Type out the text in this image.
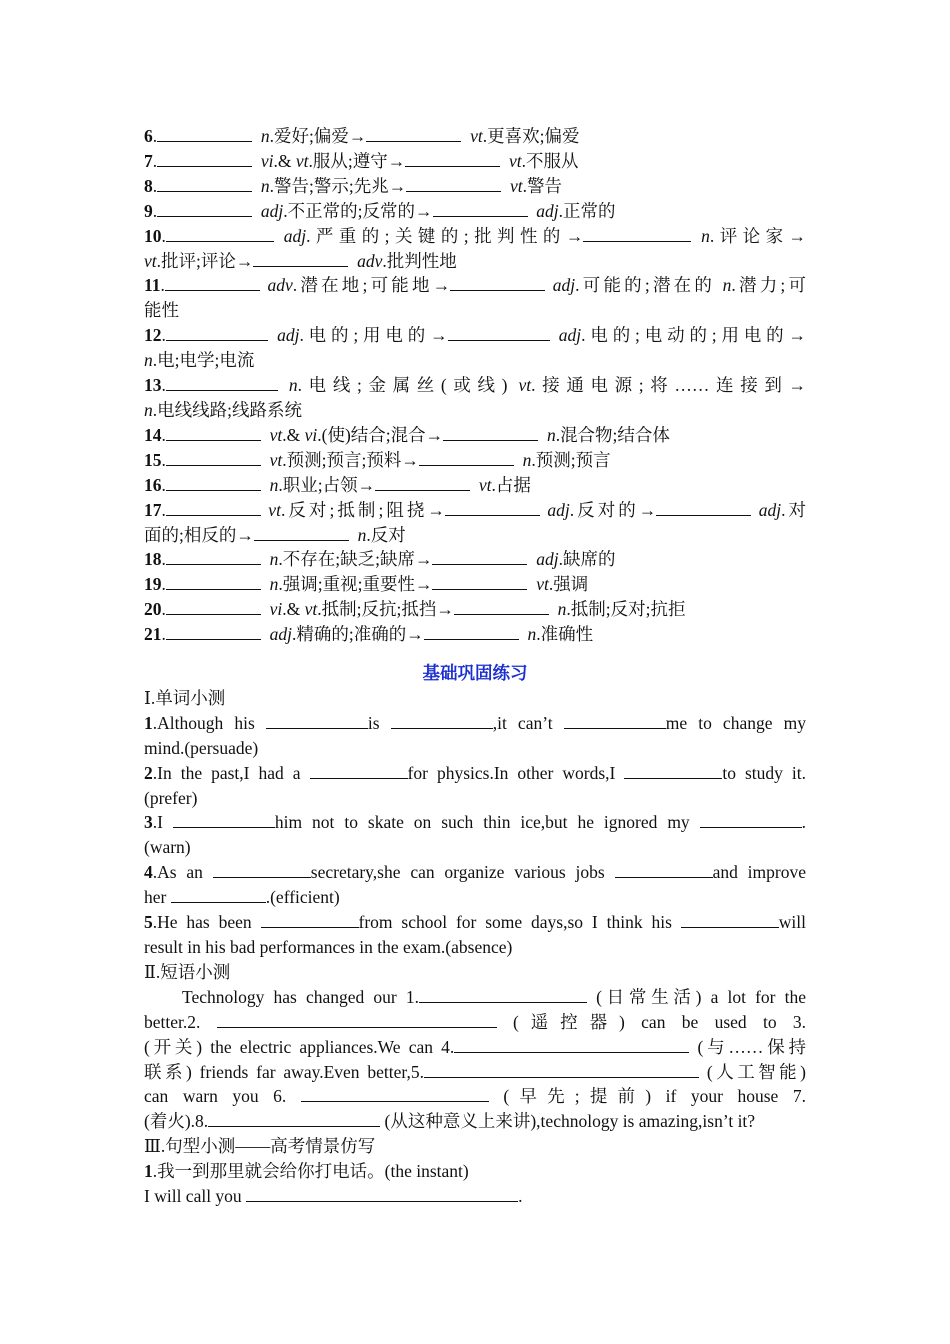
6.	n.爱好;偏爱→	vt.更喜欢;偏爱
7.	vi.& vt.服从;遵守→	vt.不服从
8.	n.警告;警示;先兆→	vt.警告
9.	adj.不正常的;反常的→	adj.正常的
10.	adj.严重的;关键的;批判性的→	n.评论家→
vt.批评;评论→	adv.批判性地
11.	adv.潜在地;可能地→	adj.可能的;潜在的 n.潜力;可
能性
12.	adj.电的;用电的→	adj.电的;电动的;用电的→
n.电;电学;电流
13.	n.电线;金属丝(或线) vt.接通电源;将……连接到→
n.电线线路;线路系统
14.	vt.& vi.(使)结合;混合→	n.混合物;结合体
15.	vt.预测;预言;预料→	n.预测;预言
16.	n.职业;占领→	vt.占据
17.	vt.反对;抵制;阻挠→	adj.反对的→	adj.对
面的;相反的→	n.反对
18.	n.不存在;缺乏;缺席→	adj.缺席的
19.	n.强调;重视;重要性→	vt.强调
20.	vi.& vt.抵制;反抗;抵挡→	n.抵制;反对;抗拒
21.	adj.精确的;准确的→	n.准确性
基础巩固练习
Ⅰ.单词小测
1.Although his	is	,it can’t	me to change my
mind.(persuade)
2.In the past,I had a	for physics.In other words,I	to study it.
(prefer)
3.I	him not to skate on such thin ice,but he ignored my	.
(warn)
4.As an	secretary,she can organize various jobs	and improve
her	.(efficient)
5.He has been	from school for some days,so I think his	will
result in his bad performances in the exam.(absence)
Ⅱ.短语小测
Technology has changed our 1.	(日常生活) a lot for the
better.2.	(遥控器) can be used to 3.
(开关) the electric appliances.We can 4.	(与……保持
联系) friends far away.Even better,5.	(人工智能)
can warn you 6.	(早先;提前) if your house 7.
(着火).8.	(从这种意义上来讲),technology is amazing,isn’t it?
Ⅲ.句型小测——高考情景仿写
1.我一到那里就会给你打电话。(the instant)
I will call you	.
